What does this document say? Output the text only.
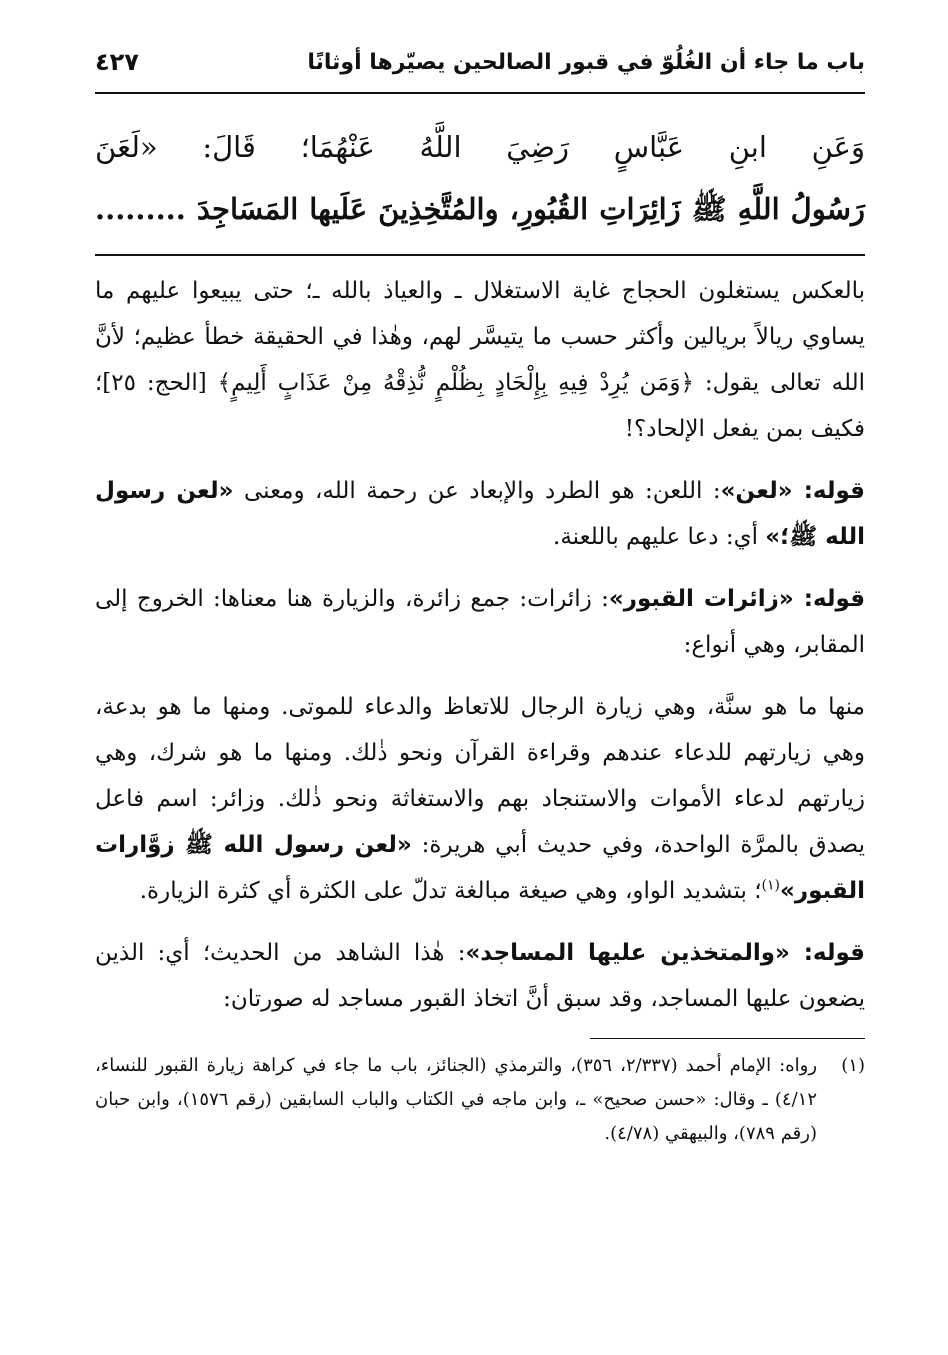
باب ما جاء أن الغُلُوّ في قبور الصالحين يصيّرها أوثانًا
٤٢٧

وَعَنِ ابنِ عَبَّاسٍ رَضِيَ اللَّهُ عَنْهُمَا؛ قَالَ: «لَعَنَ

رَسُولُ اللَّهِ ﷺ زَائِرَاتِ القُبُورِ، والمُتَّخِذِينَ عَلَيها المَسَاجِدَ .........

بالعكس يستغلون الحجاج غاية الاستغلال ـ والعياذ بالله ـ؛ حتى يبيعوا عليهم ما يساوي ريالاً بريالين وأكثر حسب ما يتيسَّر لهم، وهٰذا في الحقيقة خطأ عظيم؛ لأنَّ الله تعالى يقول: ﴿وَمَن يُرِدْ فِيهِ بِإِلْحَادٍ بِظُلْمٍ نُّذِقْهُ مِنْ عَذَابٍ أَلِيمٍ﴾ [الحج: ٢٥]؛ فكيف بمن يفعل الإلحاد؟!

قوله: «لعن»: اللعن: هو الطرد والإبعاد عن رحمة الله، ومعنى «لعن رسول الله ﷺ؛» أي: دعا عليهم باللعنة.

قوله: «زائرات القبور»: زائرات: جمع زائرة، والزيارة هنا معناها: الخروج إلى المقابر، وهي أنواع:

منها ما هو سنَّة، وهي زيارة الرجال للاتعاظ والدعاء للموتى. ومنها ما هو بدعة، وهي زيارتهم للدعاء عندهم وقراءة القرآن ونحو ذٰلك. ومنها ما هو شرك، وهي زيارتهم لدعاء الأموات والاستنجاد بهم والاستغاثة ونحو ذٰلك. وزائر: اسم فاعل يصدق بالمرَّة الواحدة، وفي حديث أبي هريرة: «لعن رسول الله ﷺ زوَّارات القبور»$^{(١)}$؛ بتشديد الواو، وهي صيغة مبالغة تدلّ على الكثرة أي كثرة الزيارة.

قوله: «والمتخذين عليها المساجد»: هٰذا الشاهد من الحديث؛ أي: الذين يضعون عليها المساجد، وقد سبق أنَّ اتخاذ القبور مساجد له صورتان:

(١)
رواه: الإمام أحمد (٢/٣٣٧، ٣٥٦)، والترمذي (الجنائز، باب ما جاء في كراهة زيارة القبور للنساء، ٤/١٢) ـ وقال: «حسن صحيح» ـ، وابن ماجه في الكتاب والباب السابقين (رقم ١٥٧٦)، وابن حبان (رقم ٧٨٩)، والبيهقي (٤/٧٨).
